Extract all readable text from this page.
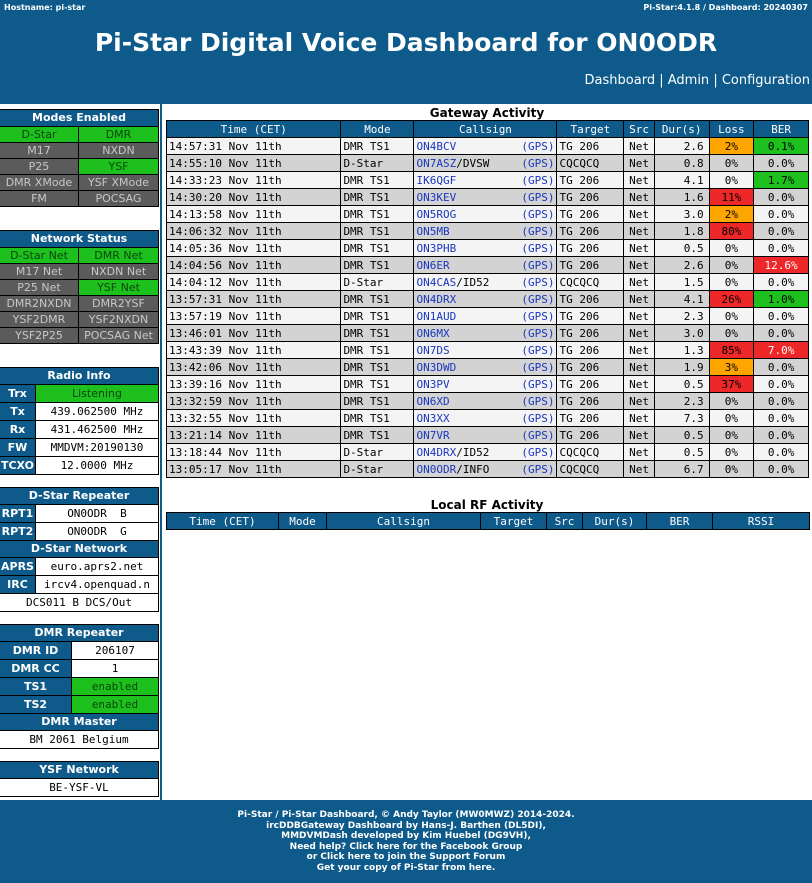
Hostname: pi-star	Pi-Star:4.1.8 / Dashboard: 20240307
Pi-Star Digital Voice Dashboard for ON0ODR
Dashboard | Admin | Configuration
Modes Enabled
D-Star	DMR
M17	NXDN
P25	YSF
DMR XMode	YSF XMode
FM	POCSAG
Network Status
D-Star Net	DMR Net
M17 Net	NXDN Net
P25 Net	YSF Net
DMR2NXDN	DMR2YSF
YSF2DMR	YSF2NXDN
YSF2P25	POCSAG Net
Radio Info
Trx	Listening
Tx	439.062500 MHz
Rx	431.462500 MHz
FW	MMDVM:20190130
TCXO	12.0000 MHz
D-Star Repeater
RPT1	ON0ODR  B
RPT2	ON0ODR  G
D-Star Network
APRS	euro.aprs2.net
IRC	ircv4.openquad.n
DCS011 B DCS/Out
DMR Repeater
DMR ID	206107
DMR CC	1
TS1	enabled
TS2	enabled
DMR Master
BM 2061 Belgium
YSF Network
BE-YSF-VL
Gateway Activity
Time (CET)	Mode	Callsign	Target	Src	Dur(s)	Loss	BER
14:57:31 Nov 11th	DMR TS1	ON4BCV (GPS)	TG 206	Net	2.6	2%	0.1%
14:55:10 Nov 11th	D-Star	ON7ASZ/DVSW (GPS)	CQCQCQ	Net	0.8	0%	0.0%
14:33:23 Nov 11th	DMR TS1	IK6QGF (GPS)	TG 206	Net	4.1	0%	1.7%
14:30:20 Nov 11th	DMR TS1	ON3KEV (GPS)	TG 206	Net	1.6	11%	0.0%
14:13:58 Nov 11th	DMR TS1	ON5ROG (GPS)	TG 206	Net	3.0	2%	0.0%
14:06:32 Nov 11th	DMR TS1	ON5MB (GPS)	TG 206	Net	1.8	80%	0.0%
14:05:36 Nov 11th	DMR TS1	ON3PHB (GPS)	TG 206	Net	0.5	0%	0.0%
14:04:56 Nov 11th	DMR TS1	ON6ER (GPS)	TG 206	Net	2.6	0%	12.6%
14:04:12 Nov 11th	D-Star	ON4CAS/ID52 (GPS)	CQCQCQ	Net	1.5	0%	0.0%
13:57:31 Nov 11th	DMR TS1	ON4DRX (GPS)	TG 206	Net	4.1	26%	1.0%
13:57:19 Nov 11th	DMR TS1	ON1AUD (GPS)	TG 206	Net	2.3	0%	0.0%
13:46:01 Nov 11th	DMR TS1	ON6MX (GPS)	TG 206	Net	3.0	0%	0.0%
13:43:39 Nov 11th	DMR TS1	ON7DS (GPS)	TG 206	Net	1.3	85%	7.0%
13:42:06 Nov 11th	DMR TS1	ON3DWD (GPS)	TG 206	Net	1.9	3%	0.0%
13:39:16 Nov 11th	DMR TS1	ON3PV (GPS)	TG 206	Net	0.5	37%	0.0%
13:32:59 Nov 11th	DMR TS1	ON6XD (GPS)	TG 206	Net	2.3	0%	0.0%
13:32:55 Nov 11th	DMR TS1	ON3XX (GPS)	TG 206	Net	7.3	0%	0.0%
13:21:14 Nov 11th	DMR TS1	ON7VR (GPS)	TG 206	Net	0.5	0%	0.0%
13:18:44 Nov 11th	D-Star	ON4DRX/ID52 (GPS)	CQCQCQ	Net	0.5	0%	0.0%
13:05:17 Nov 11th	D-Star	ON0ODR/INFO (GPS)	CQCQCQ	Net	6.7	0%	0.0%
Local RF Activity
Time (CET)	Mode	Callsign	Target	Src	Dur(s)	BER	RSSI
Pi-Star / Pi-Star Dashboard, © Andy Taylor (MW0MWZ) 2014-2024.
ircDDBGateway Dashboard by Hans-J. Barthen (DL5DI),
MMDVMDash developed by Kim Huebel (DG9VH),
Need help? Click here for the Facebook Group
or Click here to join the Support Forum
Get your copy of Pi-Star from here.
